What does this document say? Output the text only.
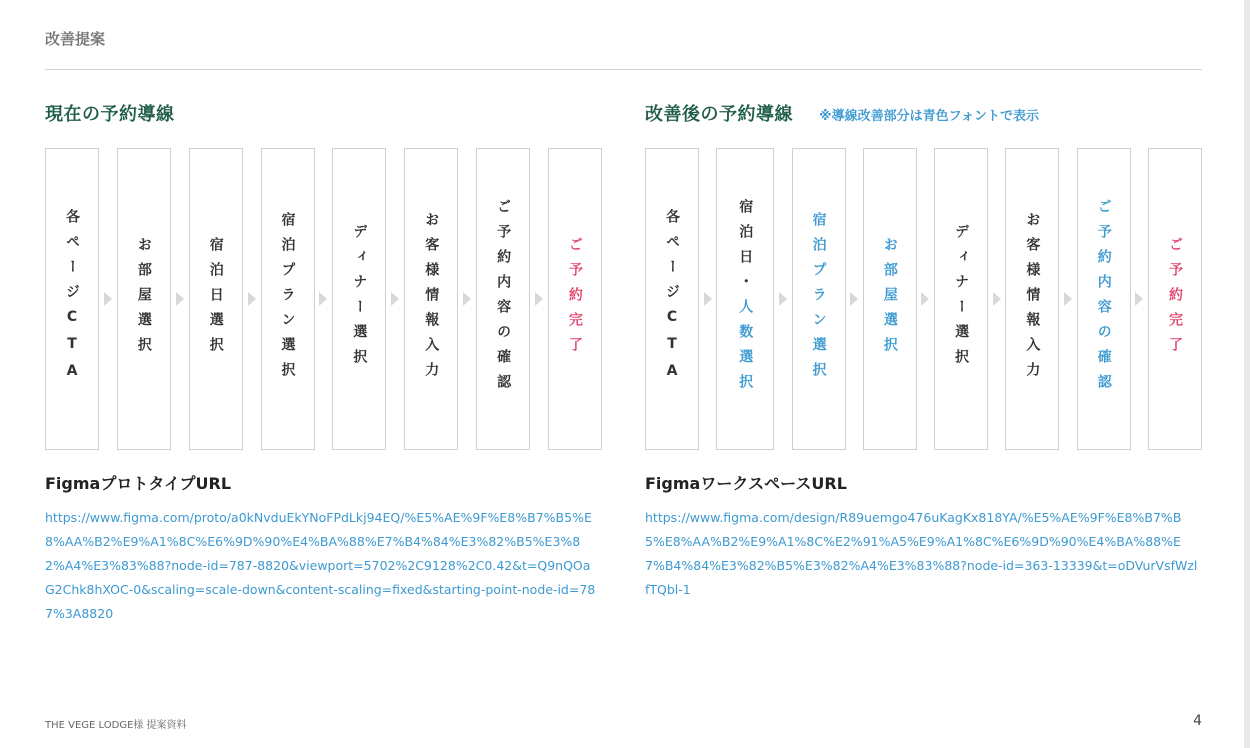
改善提案
現在の予約導線
各ページCTA	お部屋選択	宿泊日選択	宿泊プラン選択	ディナー選択	お客様情報入力	ご予約内容の確認	ご予約完了
改善後の予約導線 ※導線改善部分は青色フォントで表示
各ページCTA	宿泊日・人数選択	宿泊プラン選択	お部屋選択	ディナー選択	お客様情報入力	ご予約内容の確認	ご予約完了
FigmaプロトタイプURL
https://www.figma.com/proto/a0kNvduEkYNoFPdLkj94EQ/%E5%AE%9F%E8%B7%B5%E8%AA%B2%E9%A1%8C%E6%9D%90%E4%BA%88%E7%B4%84%E3%82%B5%E3%82%A4%E3%83%88?node-id=787-8820&viewport=5702%2C9128%2C0.42&t=Q9nQOaG2Chk8hXOC-0&scaling=scale-down&content-scaling=fixed&starting-point-node-id=787%3A8820
FigmaワークスペースURL
https://www.figma.com/design/R89uemgo476uKagKx818YA/%E5%AE%9F%E8%B7%B5%E8%AA%B2%E9%A1%8C%E2%91%A5%E9%A1%8C%E6%9D%90%E4%BA%88%E7%B4%84%E3%82%B5%E3%82%A4%E3%83%88?node-id=363-13339&t=oDVurVsfWzlfTQbl-1
THE VEGE LODGE様 提案資料	4
